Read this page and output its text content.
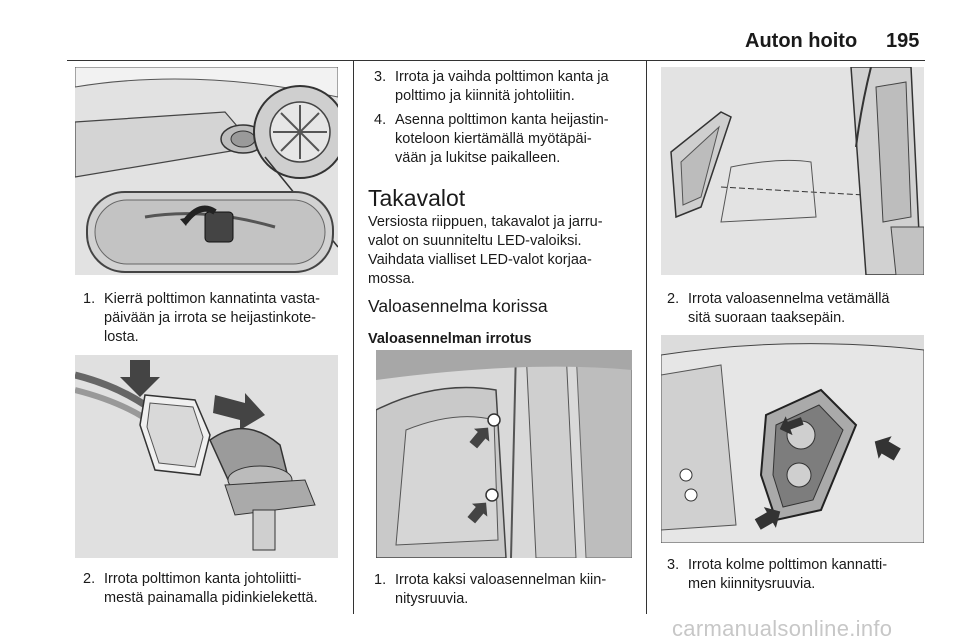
Auton hoito 195
1. Kierrä polttimon kannatinta vasta-
päivään ja irrota se heijastinkote-
losta.
2. Irrota polttimon kanta johtoliitti-
mestä painamalla pidinkielekettä.
3. Irrota ja vaihda polttimon kanta ja
polttimo ja kiinnitä johtoliitin.
4. Asenna polttimon kanta heijastin-
koteloon kiertämällä myötäpäi-
vään ja lukitse paikalleen.
Takavalot
Versiosta riippuen, takavalot ja jarru-
valot on suunniteltu LED-valoiksi.
Vaihdata vialliset LED-valot korjaa-
mossa.
Valoasennelma korissa
Valoasennelman irrotus
1. Irrota kaksi valoasennelman kiin-
nitysruuvia.
2. Irrota valoasennelma vetämällä
sitä suoraan taaksepäin.
3. Irrota kolme polttimon kannatti-
men kiinnitysruuvia.
carmanualsonline.info
